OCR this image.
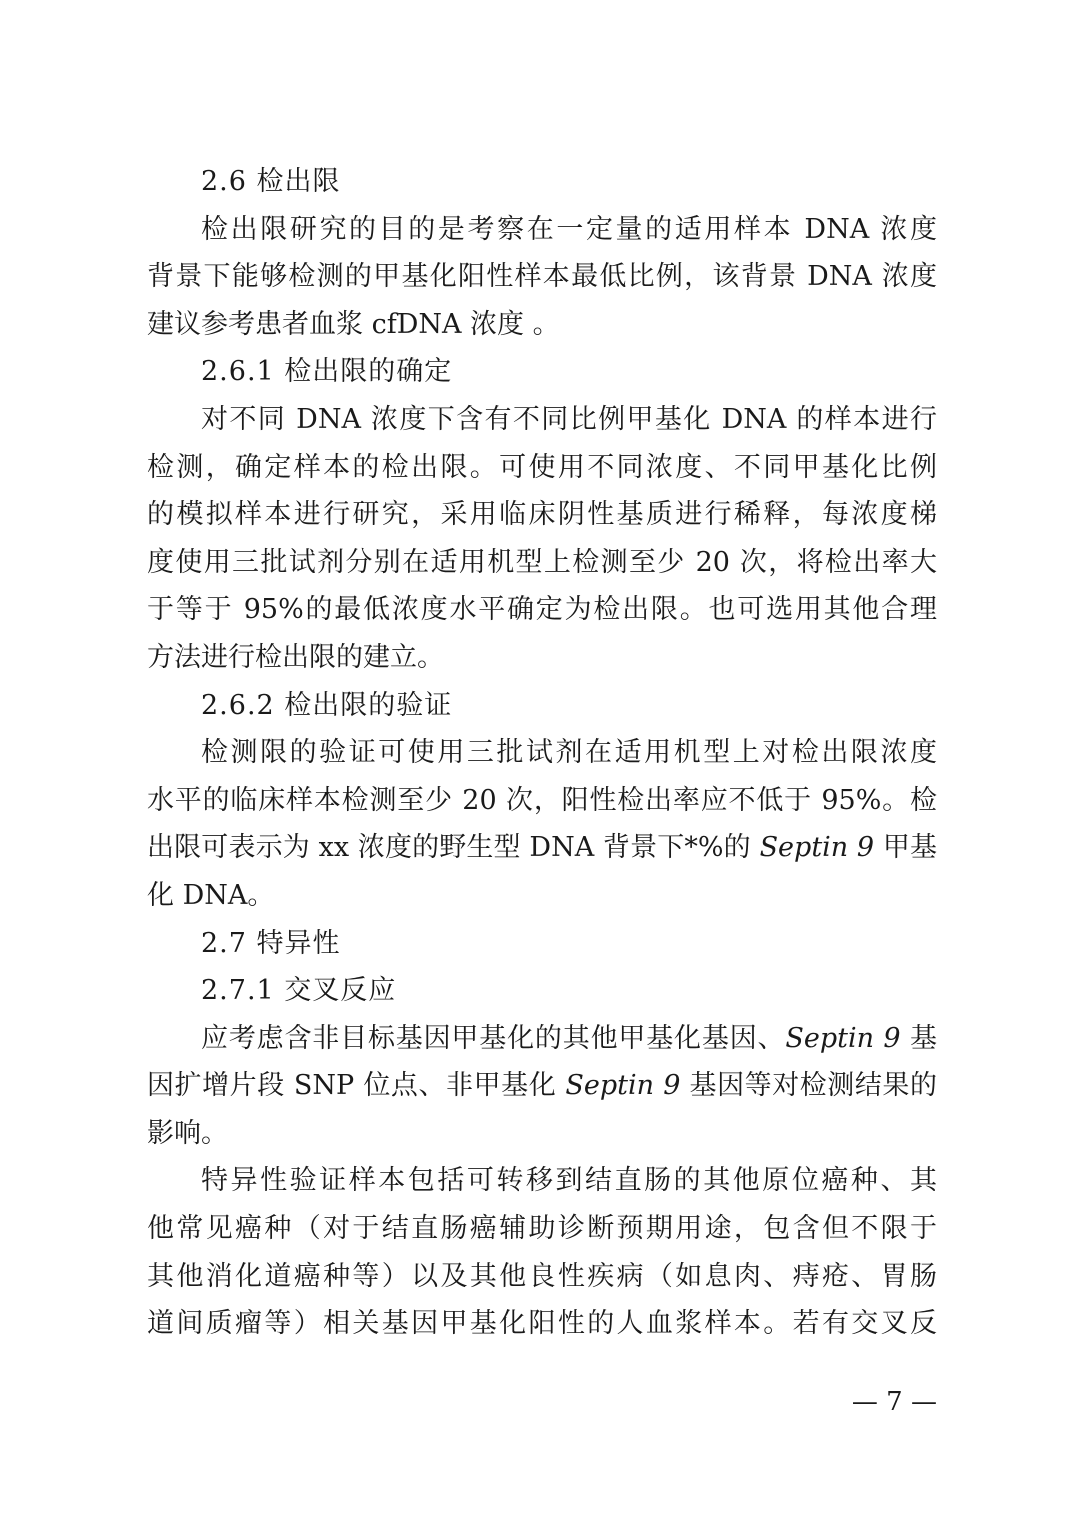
2.6 检出限
检出限研究的目的是考察在一定量的适用样本 DNA 浓度
背景下能够检测的甲基化阳性样本最低比例，该背景 DNA 浓度
建议参考患者血浆 cfDNA 浓度 。
2.6.1 检出限的确定
对不同 DNA 浓度下含有不同比例甲基化 DNA 的样本进行
检测，确定样本的检出限。可使用不同浓度、不同甲基化比例
的模拟样本进行研究，采用临床阴性基质进行稀释，每浓度梯
度使用三批试剂分别在适用机型上检测至少 20 次，将检出率大
于等于 95%的最低浓度水平确定为检出限。也可选用其他合理
方法进行检出限的建立。
2.6.2 检出限的验证
检测限的验证可使用三批试剂在适用机型上对检出限浓度
水平的临床样本检测至少 20 次，阳性检出率应不低于 95%。检
出限可表示为 xx 浓度的野生型 DNA 背景下*%的 Septin 9 甲基
化 DNA。
2.7 特异性
2.7.1 交叉反应
应考虑含非目标基因甲基化的其他甲基化基因、Septin 9 基
因扩增片段 SNP 位点、非甲基化 Septin 9 基因等对检测结果的
影响。
特异性验证样本包括可转移到结直肠的其他原位癌种、其
他常见癌种（对于结直肠癌辅助诊断预期用途，包含但不限于
其他消化道癌种等）以及其他良性疾病（如息肉、痔疮、胃肠
道间质瘤等）相关基因甲基化阳性的人血浆样本。若有交叉反
— 7 —
